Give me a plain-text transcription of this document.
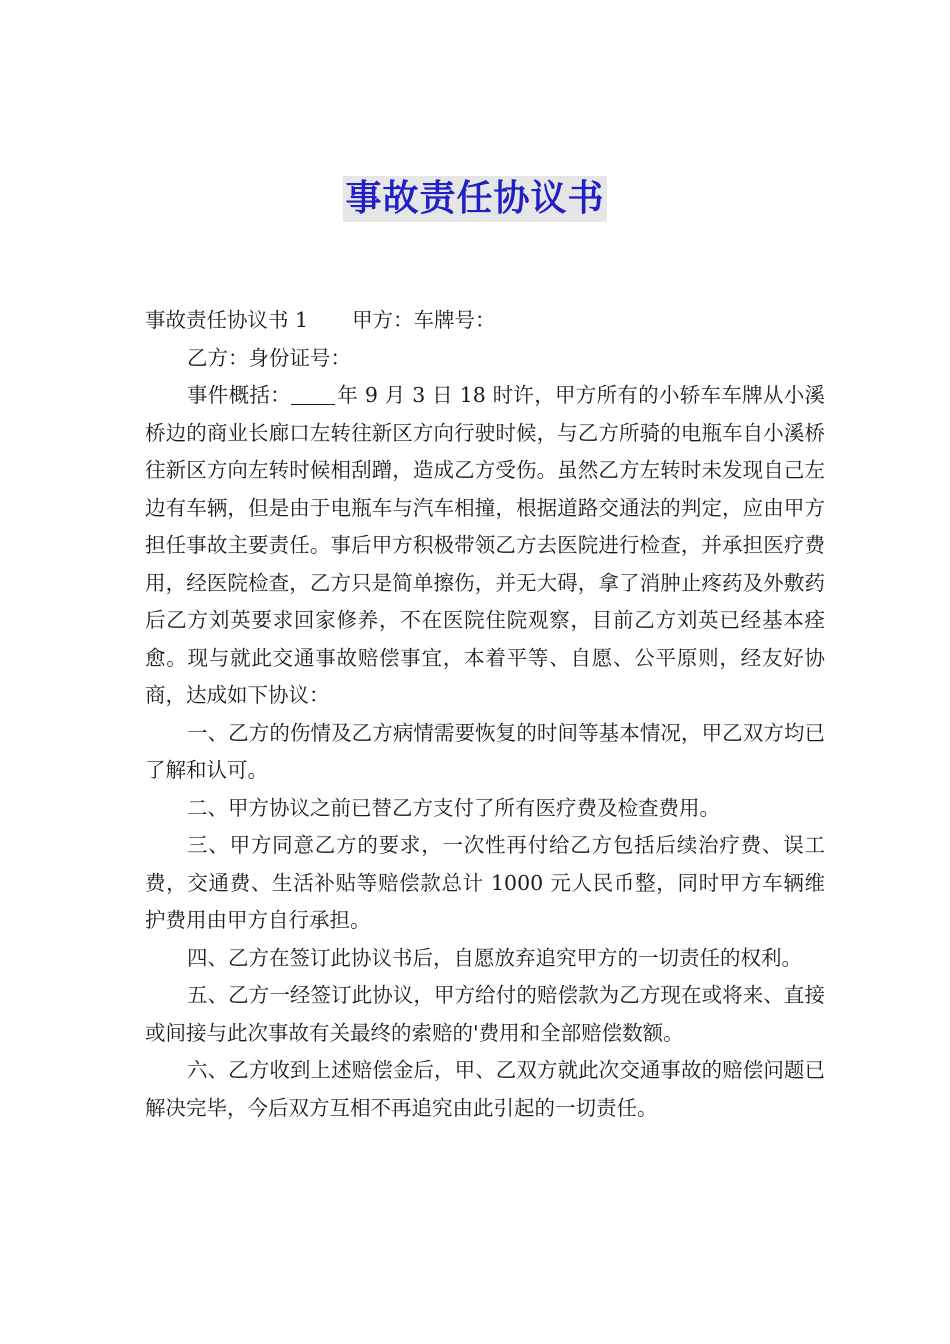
事故责任协议书

事故责任协议书 1 甲方：车牌号：

乙方：身份证号：

事件概括： 年 9 月 3 日 18 时许，甲方所有的小轿车车牌从小溪桥边的商业长廊口左转往新区方向行驶时候，与乙方所骑的电瓶车自小溪桥往新区方向左转时候相刮蹭，造成乙方受伤。虽然乙方左转时未发现自己左边有车辆，但是由于电瓶车与汽车相撞，根据道路交通法的判定，应由甲方担任事故主要责任。事后甲方积极带领乙方去医院进行检查，并承担医疗费用，经医院检查，乙方只是简单擦伤，并无大碍，拿了消肿止疼药及外敷药后乙方刘英要求回家修养，不在医院住院观察，目前乙方刘英已经基本痊愈。现与就此交通事故赔偿事宜，本着平等、自愿、公平原则，经友好协商，达成如下协议：

一、乙方的伤情及乙方病情需要恢复的时间等基本情况，甲乙双方均已了解和认可。

二、甲方协议之前已替乙方支付了所有医疗费及检查费用。

三、甲方同意乙方的要求，一次性再付给乙方包括后续治疗费、误工费，交通费、生活补贴等赔偿款总计 1000 元人民币整，同时甲方车辆维护费用由甲方自行承担。

四、乙方在签订此协议书后，自愿放弃追究甲方的一切责任的权利。

五、乙方一经签订此协议，甲方给付的赔偿款为乙方现在或将来、直接或间接与此次事故有关最终的索赔的'费用和全部赔偿数额。

六、乙方收到上述赔偿金后，甲、乙双方就此次交通事故的赔偿问题已解决完毕，今后双方互相不再追究由此引起的一切责任。
